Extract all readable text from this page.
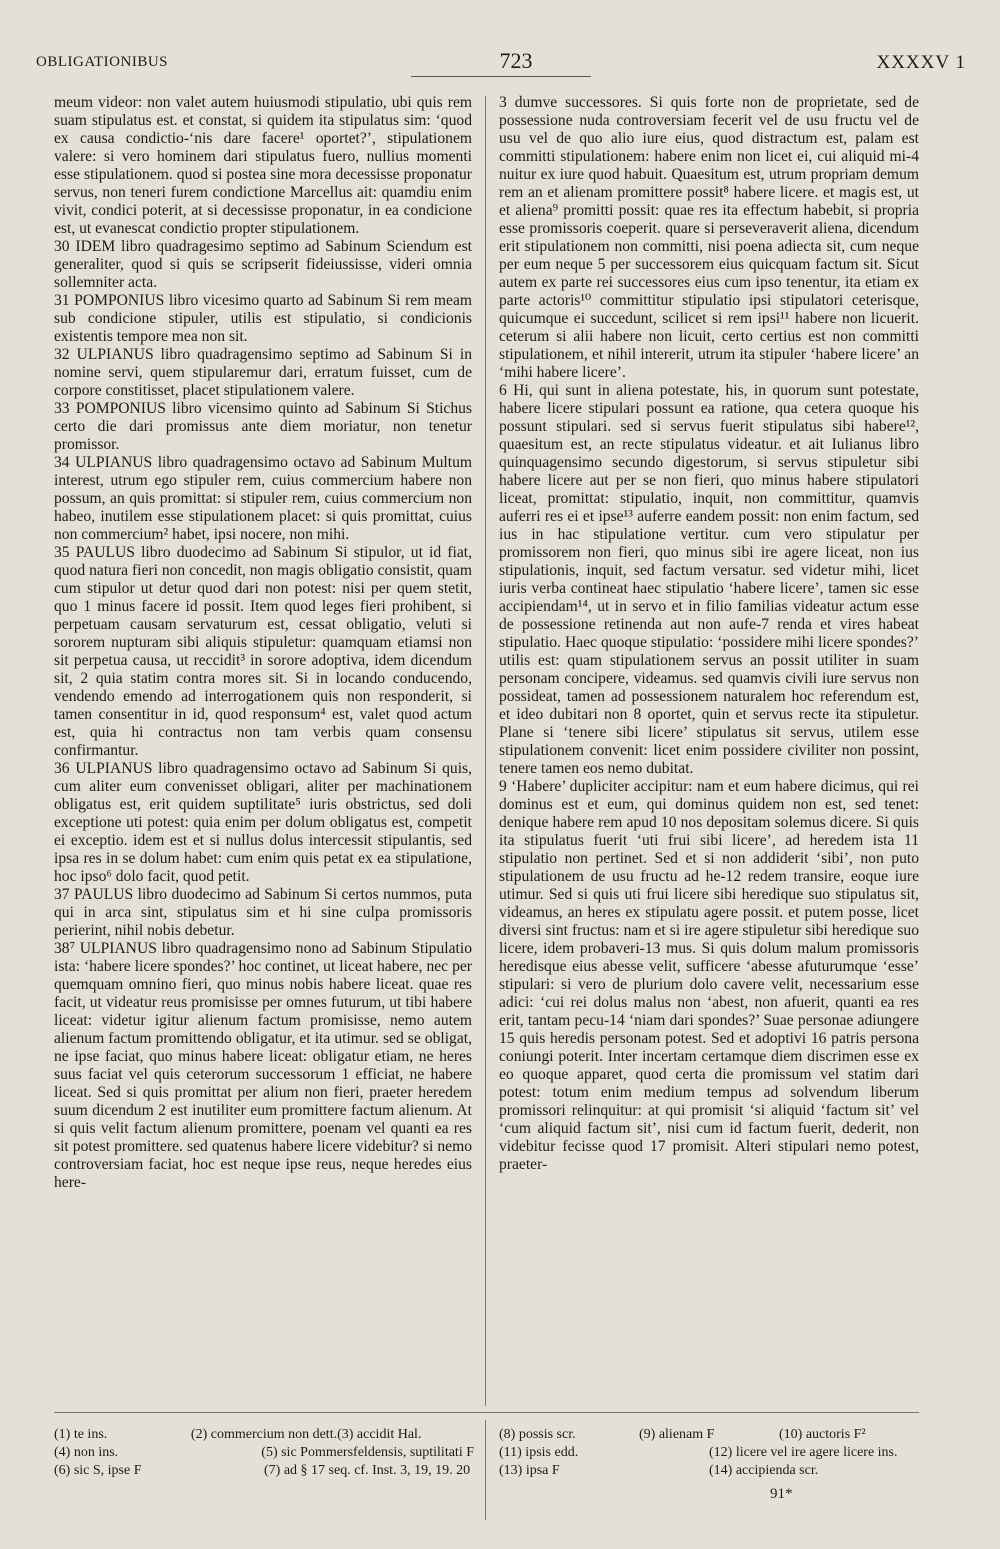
OBLIGATIONIBUS	723	XXXXV 1

meum videor: non valet autem huiusmodi stipulatio, ubi quis rem suam stipulatus est. et constat, si quidem ita stipulatus sim: ‘quod ex causa condictio-‘nis dare facere¹ oportet?’, stipulationem valere: si vero hominem dari stipulatus fuero, nullius momenti esse stipulationem. quod si postea sine mora decessisse proponatur servus, non teneri furem condictione Marcellus ait: quamdiu enim vivit, condici poterit, at si decessisse proponatur, in ea condicione est, ut evanescat condictio propter stipulationem.

30 IDEM libro quadragesimo septimo ad Sabinum Sciendum est generaliter, quod si quis se scripserit fideiussisse, videri omnia sollemniter acta.

31 POMPONIUS libro vicesimo quarto ad Sabinum Si rem meam sub condicione stipuler, utilis est stipulatio, si condicionis existentis tempore mea non sit.

32 ULPIANUS libro quadragensimo septimo ad Sabinum Si in nomine servi, quem stipularemur dari, erratum fuisset, cum de corpore constitisset, placet stipulationem valere.

33 POMPONIUS libro vicensimo quinto ad Sabinum Si Stichus certo die dari promissus ante diem moriatur, non tenetur promissor.

34 ULPIANUS libro quadragensimo octavo ad Sabinum Multum interest, utrum ego stipuler rem, cuius commercium habere non possum, an quis promittat: si stipuler rem, cuius commercium non habeo, inutilem esse stipulationem placet: si quis promittat, cuius non commercium² habet, ipsi nocere, non mihi.

35 PAULUS libro duodecimo ad Sabinum Si stipulor, ut id fiat, quod natura fieri non concedit, non magis obligatio consistit, quam cum stipulor ut detur quod dari non potest: nisi per quem stetit, quo 1 minus facere id possit. Item quod leges fieri prohibent, si perpetuam causam servaturum est, cessat obligatio, veluti si sororem nupturam sibi aliquis stipuletur: quamquam etiamsi non sit perpetua causa, ut reccidit³ in sorore adoptiva, idem dicendum sit, 2 quia statim contra mores sit. Si in locando conducendo, vendendo emendo ad interrogationem quis non responderit, si tamen consentitur in id, quod responsum⁴ est, valet quod actum est, quia hi contractus non tam verbis quam consensu confirmantur.

36 ULPIANUS libro quadragensimo octavo ad Sabinum Si quis, cum aliter eum convenisset obligari, aliter per machinationem obligatus est, erit quidem suptilitate⁵ iuris obstrictus, sed doli exceptione uti potest: quia enim per dolum obligatus est, competit ei exceptio. idem est et si nullus dolus intercessit stipulantis, sed ipsa res in se dolum habet: cum enim quis petat ex ea stipulatione, hoc ipso⁶ dolo facit, quod petit.

37 PAULUS libro duodecimo ad Sabinum Si certos nummos, puta qui in arca sint, stipulatus sim et hi sine culpa promissoris perierint, nihil nobis debetur.

38⁷ ULPIANUS libro quadragensimo nono ad Sabinum Stipulatio ista: ‘habere licere spondes?’ hoc continet, ut liceat habere, nec per quemquam omnino fieri, quo minus nobis habere liceat. quae res facit, ut videatur reus promisisse per omnes futurum, ut tibi habere liceat: videtur igitur alienum factum promisisse, nemo autem alienum factum promittendo obligatur, et ita utimur. sed se obligat, ne ipse faciat, quo minus habere liceat: obligatur etiam, ne heres suus faciat vel quis ceterorum successorum 1 efficiat, ne habere liceat. Sed si quis promittat per alium non fieri, praeter heredem suum dicendum 2 est inutiliter eum promittere factum alienum. At si quis velit factum alienum promittere, poenam vel quanti ea res sit potest promittere. sed quatenus habere licere videbitur? si nemo controversiam faciat, hoc est neque ipse reus, neque heredes eius here-

3 dumve successores. Si quis forte non de proprietate, sed de possessione nuda controversiam fecerit vel de usu fructu vel de usu vel de quo alio iure eius, quod distractum est, palam est committi stipulationem: habere enim non licet ei, cui aliquid mi-4 nuitur ex iure quod habuit. Quaesitum est, utrum propriam demum rem an et alienam promittere possit⁸ habere licere. et magis est, ut et aliena⁹ promitti possit: quae res ita effectum habebit, si propria esse promissoris coeperit. quare si perseveraverit aliena, dicendum erit stipulationem non committi, nisi poena adiecta sit, cum neque per eum neque 5 per successorem eius quicquam factum sit. Sicut autem ex parte rei successores eius cum ipso tenentur, ita etiam ex parte actoris¹⁰ committitur stipulatio ipsi stipulatori ceterisque, quicumque ei succedunt, scilicet si rem ipsi¹¹ habere non licuerit. ceterum si alii habere non licuit, certo certius est non committi stipulationem, et nihil intererit, utrum ita stipuler ‘habere licere’ an ‘mihi habere licere’.

6 Hi, qui sunt in aliena potestate, his, in quorum sunt potestate, habere licere stipulari possunt ea ratione, qua cetera quoque his possunt stipulari. sed si servus fuerit stipulatus sibi habere¹², quaesitum est, an recte stipulatus videatur. et ait Iulianus libro quinquagensimo secundo digestorum, si servus stipuletur sibi habere licere aut per se non fieri, quo minus habere stipulatori liceat, promittat: stipulatio, inquit, non committitur, quamvis auferri res ei et ipse¹³ auferre eandem possit: non enim factum, sed ius in hac stipulatione vertitur. cum vero stipulatur per promissorem non fieri, quo minus sibi ire agere liceat, non ius stipulationis, inquit, sed factum versatur. sed videtur mihi, licet iuris verba contineat haec stipulatio ‘habere licere’, tamen sic esse accipiendam¹⁴, ut in servo et in filio familias videatur actum esse de possessione retinenda aut non aufe-7 renda et vires habeat stipulatio. Haec quoque stipulatio: ‘possidere mihi licere spondes?’ utilis est: quam stipulationem servus an possit utiliter in suam personam concipere, videamus. sed quamvis civili iure servus non possideat, tamen ad possessionem naturalem hoc referendum est, et ideo dubitari non 8 oportet, quin et servus recte ita stipuletur. Plane si ‘tenere sibi licere’ stipulatus sit servus, utilem esse stipulationem convenit: licet enim possidere civiliter non possint, tenere tamen eos nemo dubitat.

9 ‘Habere’ dupliciter accipitur: nam et eum habere dicimus, qui rei dominus est et eum, qui dominus quidem non est, sed tenet: denique habere rem apud 10 nos depositam solemus dicere. Si quis ita stipulatus fuerit ‘uti frui sibi licere’, ad heredem ista 11 stipulatio non pertinet. Sed et si non addiderit ‘sibi’, non puto stipulationem de usu fructu ad he-12 redem transire, eoque iure utimur. Sed si quis uti frui licere sibi heredique suo stipulatus sit, videamus, an heres ex stipulatu agere possit. et putem posse, licet diversi sint fructus: nam et si ire agere stipuletur sibi heredique suo licere, idem probaveri-13 mus. Si quis dolum malum promissoris heredisque eius abesse velit, sufficere ‘abesse afuturumque ‘esse’ stipulari: si vero de plurium dolo cavere velit, necessarium esse adici: ‘cui rei dolus malus non ‘abest, non afuerit, quanti ea res erit, tantam pecu-14 ‘niam dari spondes?’ Suae personae adiungere 15 quis heredis personam potest. Sed et adoptivi 16 patris persona coniungi poterit. Inter incertam certamque diem discrimen esse ex eo quoque apparet, quod certa die promissum vel statim dari potest: totum enim medium tempus ad solvendum liberum promissori relinquitur: at qui promisit ‘si aliquid ‘factum sit’ vel ‘cum aliquid factum sit’, nisi cum id factum fuerit, dederit, non videbitur fecisse quod 17 promisit. Alteri stipulari nemo potest, praeter-

(1) te ins.	(2) commercium non dett. (3) accidit Hal.
(4) non ins.	(5) sic Pommersfeldensis, suptilitati F
(6) sic S, ipse F	(7) ad § 17 seq. cf. Inst. 3, 19, 19. 20
(8) possis scr.	(9) alienam F	(10) auctoris F²
(11) ipsis edd.	(12) licere vel ire agere licere ins.
(13) ipsa F	(14) accipienda scr.
91*
